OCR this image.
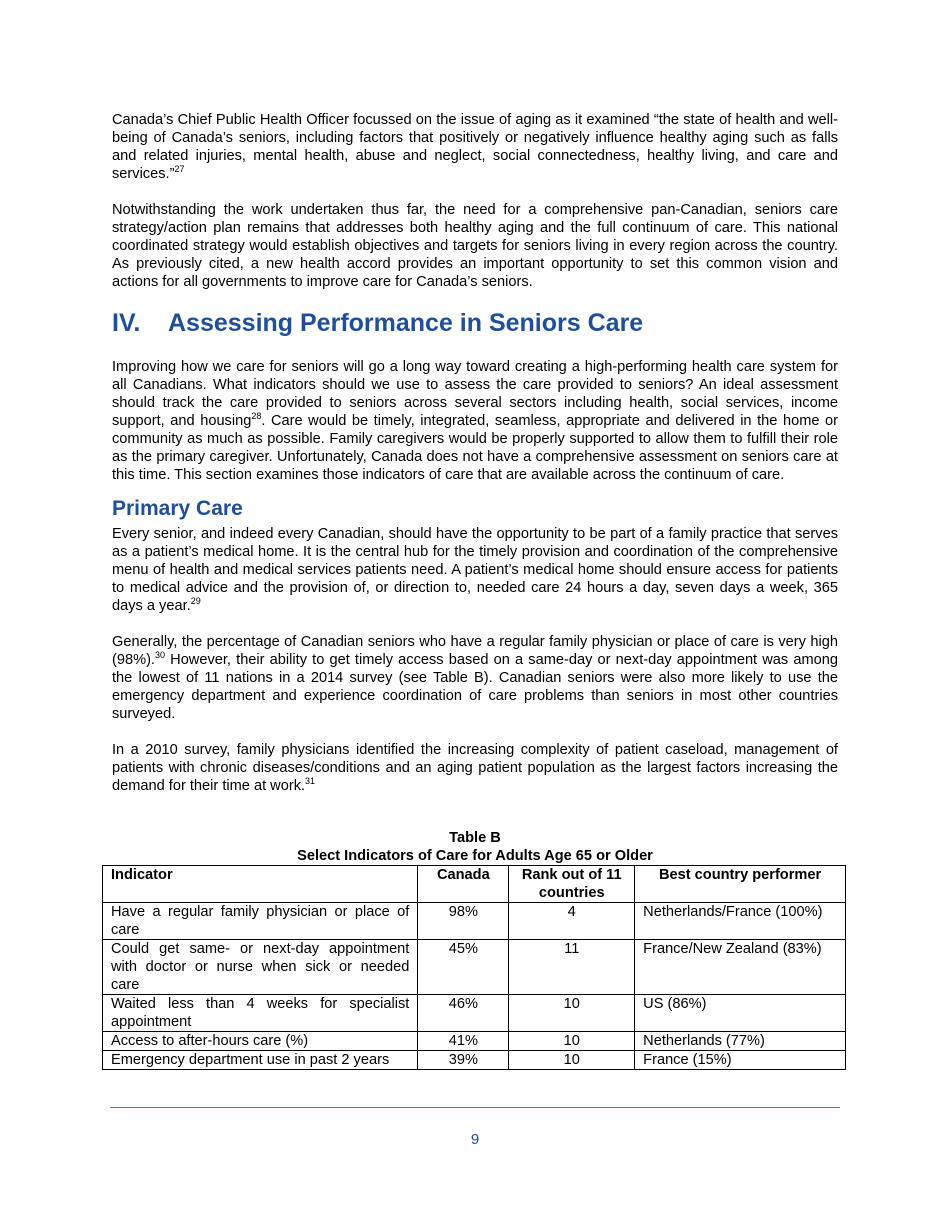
Canada’s Chief Public Health Officer focussed on the issue of aging as it examined “the state of health and well-being of Canada’s seniors, including factors that positively or negatively influence healthy aging such as falls and related injuries, mental health, abuse and neglect, social connectedness, healthy living, and care and services.”$^{27}$

Notwithstanding the work undertaken thus far, the need for a comprehensive pan-Canadian, seniors care strategy/action plan remains that addresses both healthy aging and the full continuum of care. This national coordinated strategy would establish objectives and targets for seniors living in every region across the country. As previously cited, a new health accord provides an important opportunity to set this common vision and actions for all governments to improve care for Canada’s seniors.

IV. Assessing Performance in Seniors Care

Improving how we care for seniors will go a long way toward creating a high-performing health care system for all Canadians. What indicators should we use to assess the care provided to seniors? An ideal assessment should track the care provided to seniors across several sectors including health, social services, income support, and housing$^{28}$. Care would be timely, integrated, seamless, appropriate and delivered in the home or community as much as possible. Family caregivers would be properly supported to allow them to fulfill their role as the primary caregiver. Unfortunately, Canada does not have a comprehensive assessment on seniors care at this time. This section examines those indicators of care that are available across the continuum of care.

Primary Care

Every senior, and indeed every Canadian, should have the opportunity to be part of a family practice that serves as a patient’s medical home. It is the central hub for the timely provision and coordination of the comprehensive menu of health and medical services patients need. A patient’s medical home should ensure access for patients to medical advice and the provision of, or direction to, needed care 24 hours a day, seven days a week, 365 days a year.$^{29}$

Generally, the percentage of Canadian seniors who have a regular family physician or place of care is very high (98%).$^{30}$ However, their ability to get timely access based on a same-day or next-day appointment was among the lowest of 11 nations in a 2014 survey (see Table B). Canadian seniors were also more likely to use the emergency department and experience coordination of care problems than seniors in most other countries surveyed.

In a 2010 survey, family physicians identified the increasing complexity of patient caseload, management of patients with chronic diseases/conditions and an aging patient population as the largest factors increasing the demand for their time at work.$^{31}$

Table B
Select Indicators of Care for Adults Age 65 or Older
Indicator	Canada	Rank out of 11 countries	Best country performer
Have a regular family physician or place of care	98%	4	Netherlands/France (100%)
Could get same- or next-day appointment with doctor or nurse when sick or needed care	45%	11	France/New Zealand (83%)
Waited less than 4 weeks for specialist appointment	46%	10	US (86%)
Access to after-hours care (%)	41%	10	Netherlands (77%)
Emergency department use in past 2 years	39%	10	France (15%)
9
